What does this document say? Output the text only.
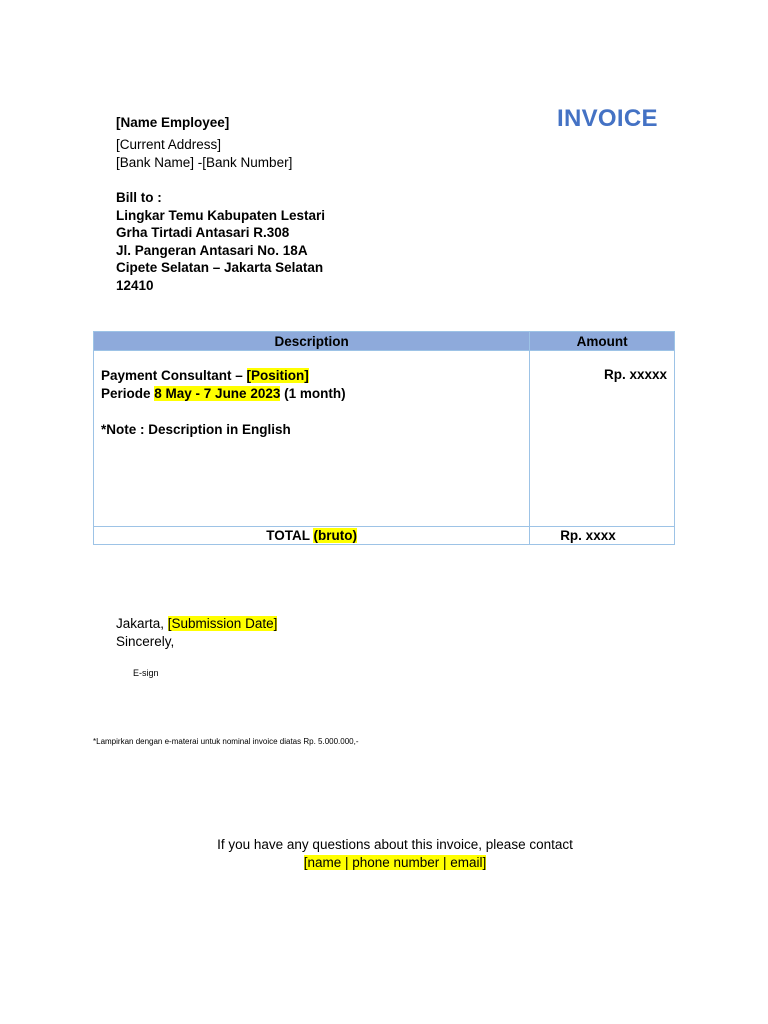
[Name Employee]
[Current Address]
[Bank Name] -[Bank Number]
INVOICE
Bill to :
Lingkar Temu Kabupaten Lestari
Grha Tirtadi Antasari R.308
Jl. Pangeran Antasari No. 18A
Cipete Selatan – Jakarta Selatan
12410
Description	Amount

Payment Consultant – [Position]
Periode 8 May - 7 June 2023 (1 month)
*Note : Description in English	Rp. xxxxx

TOTAL (bruto)	Rp. xxxx
Jakarta, [Submission Date]
Sincerely,
E-sign
*Lampirkan dengan e-materai untuk nominal invoice diatas Rp. 5.000.000,-
If you have any questions about this invoice, please contact
[name | phone number | email]
